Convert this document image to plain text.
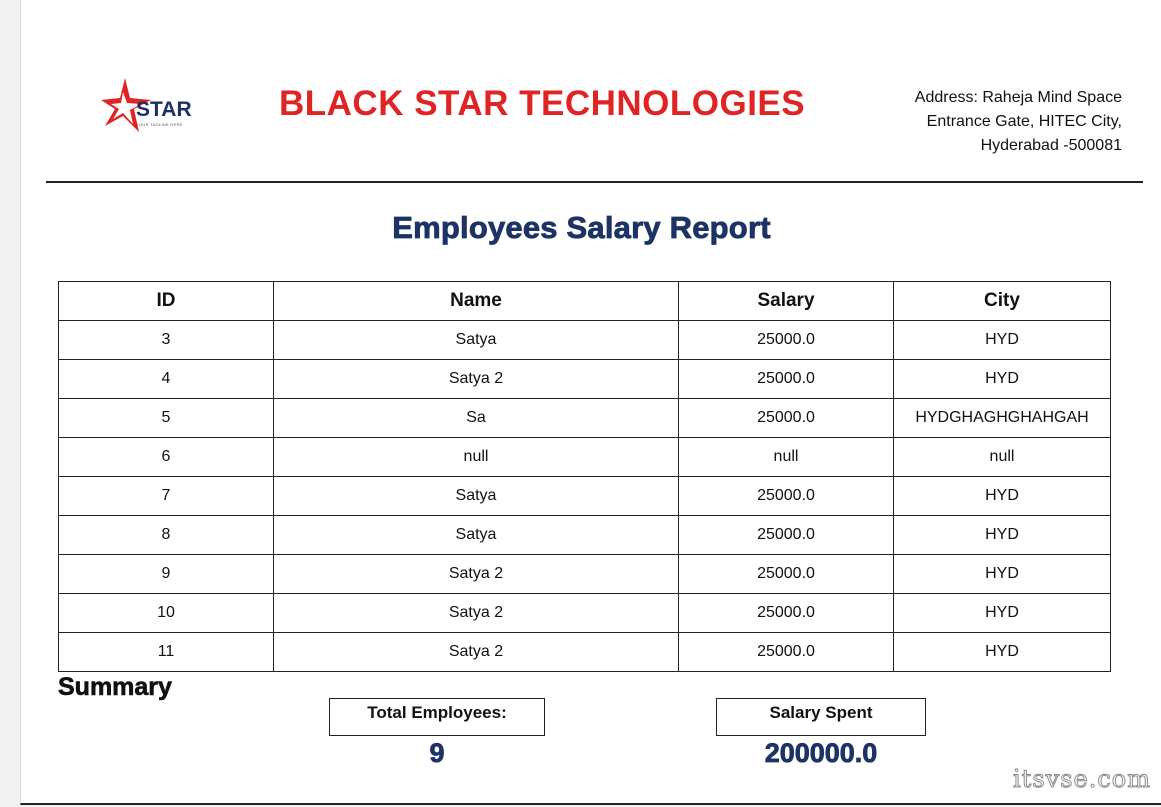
STAR
YOUR TAGLINE HERE
BLACK STAR TECHNOLOGIES	Address: Raheja Mind Space
Entrance Gate, HITEC City,
Hyderabad -500081
Employees Salary Report
ID	Name	Salary	City
3	Satya	25000.0	HYD
4	Satya 2	25000.0	HYD
5	Sa	25000.0	HYDGHAGHGHAHGAH
6	null	null	null
7	Satya	25000.0	HYD
8	Satya	25000.0	HYD
9	Satya 2	25000.0	HYD
10	Satya 2	25000.0	HYD
11	Satya 2	25000.0	HYD
Summary
Total Employees:
9
Salary Spent
200000.0
itsvse.com
